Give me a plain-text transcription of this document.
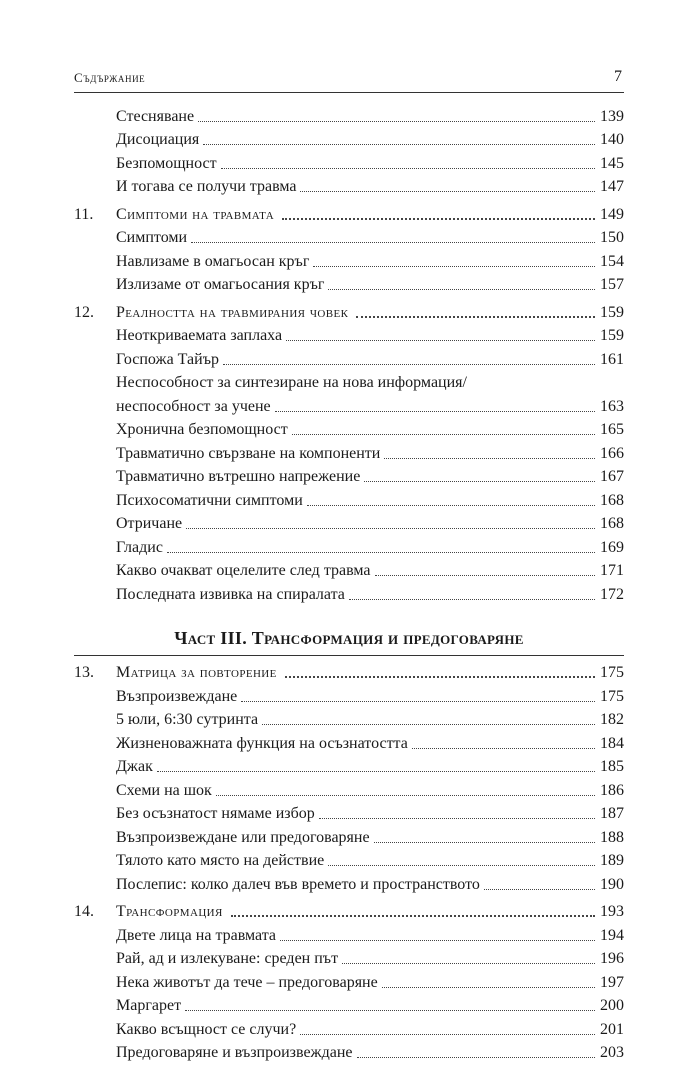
Съдържание	7
Стесняване	139
Дисоциация	140
Безпомощност	145
И тогава се получи травма	147
11.	Симптоми на травмата	149
Симптоми	150
Навлизаме в омагьосан кръг	154
Излизаме от омагьосания кръг	157
12.	Реалността на травмирания човек	159
Неоткриваемата заплаха	159
Госпожа Тайър	161
Неспособност за синтезиране на нова информация/
неспособност за учене	163
Хронична безпомощност	165
Травматично свързване на компоненти	166
Травматично вътрешно напрежение	167
Психосоматични симптоми	168
Отричане	168
Гладис	169
Какво очакват оцелелите след травма	171
Последната извивка на спиралата	172
Част III. Трансформация и предоговаряне
13.	Матрица за повторение	175
Възпроизвеждане	175
5 юли, 6:30 сутринта	182
Жизненоважната функция на осъзнатостта	184
Джак	185
Схеми на шок	186
Без осъзнатост нямаме избор	187
Възпроизвеждане или предоговаряне	188
Тялото като място на действие	189
Послепис: колко далеч във времето и пространството	190
14.	Трансформация	193
Двете лица на травмата	194
Рай, ад и излекуване: среден път	196
Нека животът да тече – предоговаряне	197
Маргарет	200
Какво всъщност се случи?	201
Предоговаряне и възпроизвеждане	203
